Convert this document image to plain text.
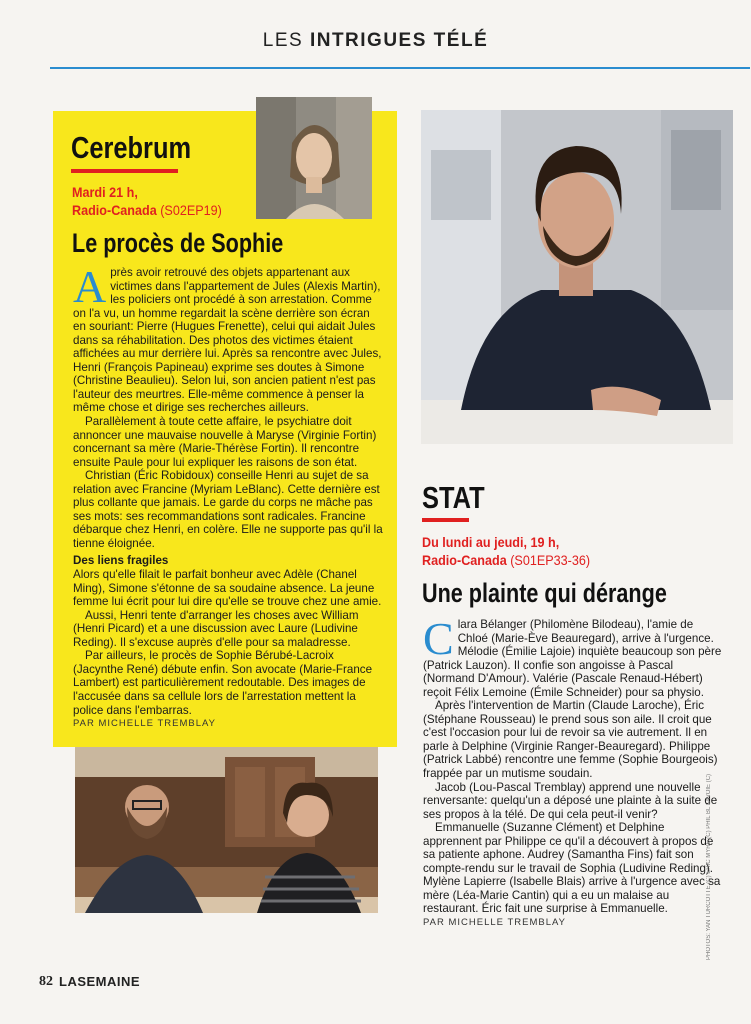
LES INTRIGUES TÉLÉ
Cerebrum
Mardi 21 h,
Radio-Canada (S02EP19)
Le procès de Sophie

Après avoir retrouvé des objets appartenant aux victimes dans l'appartement de Jules (Alexis Martin), les policiers ont procédé à son arrestation. Comme on l'a vu, un homme regardait la scène derrière son écran en souriant: Pierre (Hugues Frenette), celui qui aidait Jules dans sa réhabilitation. Des photos des victimes étaient affichées au mur derrière lui. Après sa rencontre avec Jules, Henri (François Papineau) exprime ses doutes à Simone (Christine Beaulieu). Selon lui, son ancien patient n'est pas l'auteur des meurtres. Elle-même commence à penser la même chose et dirige ses recherches ailleurs.

Parallèlement à toute cette affaire, le psychiatre doit annoncer une mauvaise nouvelle à Maryse (Virginie Fortin) concernant sa mère (Marie-Thérèse Fortin). Il rencontre ensuite Paule pour lui expliquer les raisons de son état.

Christian (Éric Robidoux) conseille Henri au sujet de sa relation avec Francine (Myriam LeBlanc). Cette dernière est plus collante que jamais. Le garde du corps ne mâche pas ses mots: ses recommandations sont radicales. Francine débarque chez Henri, en colère. Elle ne supporte pas qu'il la tienne éloignée.

Des liens fragiles

Alors qu'elle filait le parfait bonheur avec Adèle (Chanel Ming), Simone s'étonne de sa soudaine absence. La jeune femme lui écrit pour lui dire qu'elle se trouve chez une amie.

Aussi, Henri tente d'arranger les choses avec William (Henri Picard) et a une discussion avec Laure (Ludivine Reding). Il s'excuse auprès d'elle pour sa maladresse.

Par ailleurs, le procès de Sophie Bérubé-Lacroix (Jacynthe René) débute enfin. Son avocate (Marie-France Lambert) est particulièrement redoutable. Des images de l'accusée dans sa cellule lors de l'arrestation mettent la police dans l'embarras.

PAR MICHELLE TREMBLAY
STAT
Du lundi au jeudi, 19 h,
Radio-Canada (S01EP33-36)
Une plainte qui dérange

Clara Bélanger (Philomène Bilodeau), l'amie de Chloé (Marie-Ève Beauregard), arrive à l'urgence. Mélodie (Émilie Lajoie) inquiète beaucoup son père (Patrick Lauzon). Il confie son angoisse à Pascal (Normand D'Amour). Valérie (Pascale Renaud-Hébert) reçoit Félix Lemoine (Émile Schneider) pour sa physio.

Après l'intervention de Martin (Claude Laroche), Éric (Stéphane Rousseau) le prend sous son aile. Il croit que c'est l'occasion pour lui de revoir sa vie autrement. Il en parle à Delphine (Virginie Ranger-Beauregard). Philippe (Patrick Labbé) rencontre une femme (Sophie Bourgeois) frappée par un mutisme soudain.

Jacob (Lou-Pascal Tremblay) apprend une nouvelle renversante: quelqu'un a déposé une plainte à la suite de ses propos à la télé. De qui cela peut-il venir?

Emmanuelle (Suzanne Clément) et Delphine apprennent par Philippe ce qu'il a découvert à propos de sa patiente aphone. Audrey (Samantha Fins) fait son compte-rendu sur le travail de Sophia (Ludivine Reding). Mylène Lapierre (Isabelle Blais) arrive à l'urgence avec sa mère (Léa-Marie Cantin) qui a eu un malaise au restaurant. Éric fait une surprise à Emmanuelle.

PAR MICHELLE TREMBLAY	PHOTOS: YAN TURCOTTE (C) ERIC MYRE (C) PHIL BL LAVOIE (C)
82 LASEMAINE
